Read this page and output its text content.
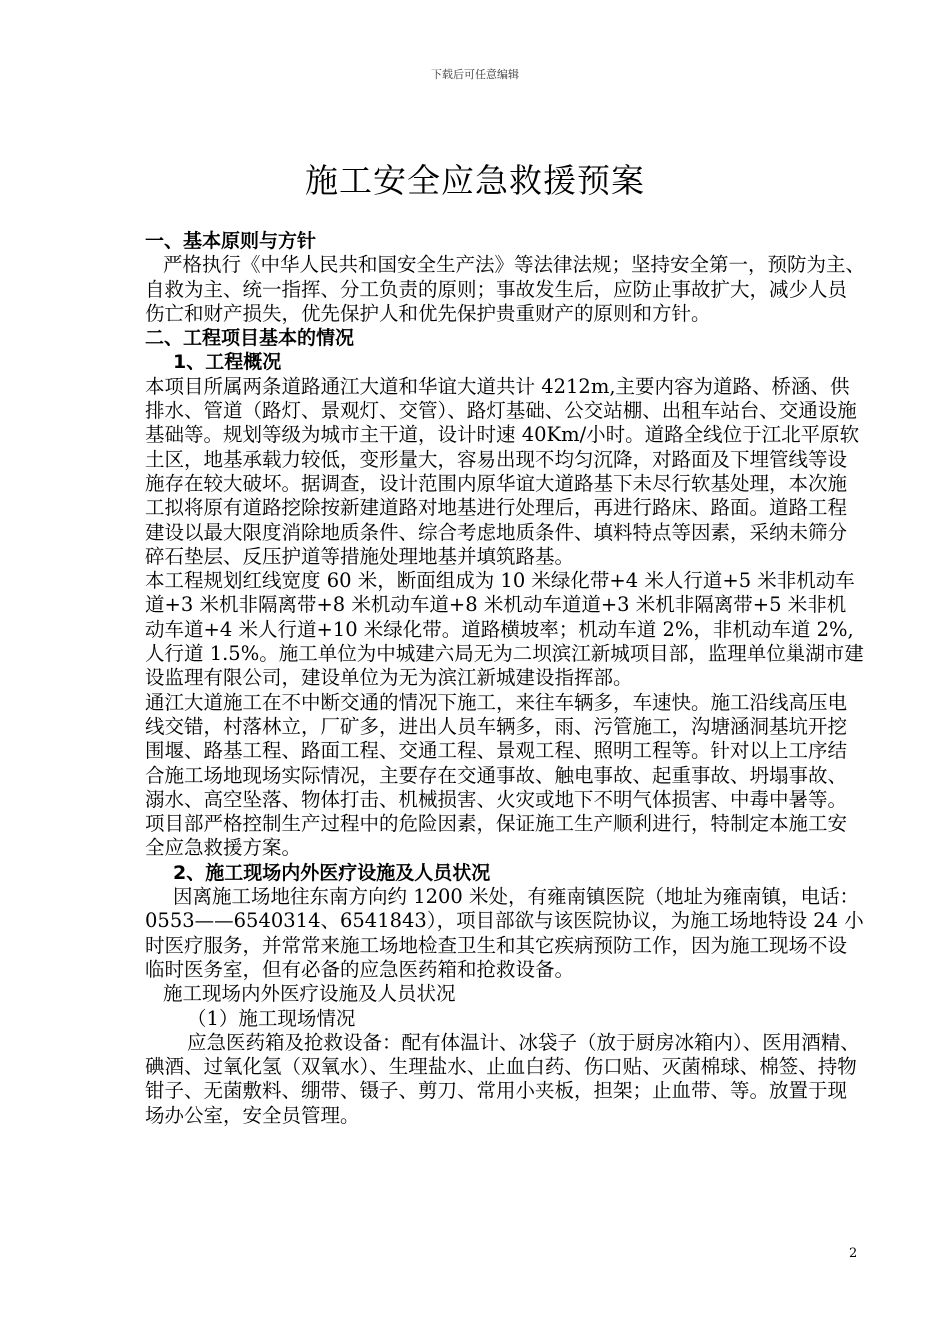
下载后可任意编辑
施工安全应急救援预案

一、基本原则与方针

严格执行《中华人民共和国安全生产法》等法律法规；坚持安全第一，预防为主、自救为主、统一指挥、分工负责的原则；事故发生后，应防止事故扩大，减少人员伤亡和财产损失，优先保护人和优先保护贵重财产的原则和方针。

二、工程项目基本的情况

1、工程概况

本项目所属两条道路通江大道和华谊大道共计 4212m,主要内容为道路、桥涵、供排水、管道（路灯、景观灯、交管）、路灯基础、公交站棚、出租车站台、交通设施基础等。规划等级为城市主干道，设计时速 40Km/小时。道路全线位于江北平原软土区，地基承载力较低，变形量大，容易出现不均匀沉降，对路面及下埋管线等设施存在较大破坏。据调查，设计范围内原华谊大道路基下未尽行软基处理，本次施工拟将原有道路挖除按新建道路对地基进行处理后，再进行路床、路面。道路工程建设以最大限度消除地质条件、综合考虑地质条件、填料特点等因素，采纳未筛分碎石垫层、反压护道等措施处理地基并填筑路基。

本工程规划红线宽度 60 米，断面组成为 10 米绿化带+4 米人行道+5 米非机动车道+3 米机非隔离带+8 米机动车道+8 米机动车道道+3 米机非隔离带+5 米非机动车道+4 米人行道+10 米绿化带。道路横坡率；机动车道 2%，非机动车道 2%,人行道 1.5%。施工单位为中城建六局无为二坝滨江新城项目部，监理单位巢湖市建设监理有限公司，建设单位为无为滨江新城建设指挥部。

通江大道施工在不中断交通的情况下施工，来往车辆多，车速快。施工沿线高压电线交错，村落林立，厂矿多，进出人员车辆多，雨、污管施工，沟塘涵洞基坑开挖围堰、路基工程、路面工程、交通工程、景观工程、照明工程等。针对以上工序结合施工场地现场实际情况，主要存在交通事故、触电事故、起重事故、坍塌事故、溺水、高空坠落、物体打击、机械损害、火灾或地下不明气体损害、中毒中暑等。项目部严格控制生产过程中的危险因素，保证施工生产顺利进行，特制定本施工安全应急救援方案。

2、施工现场内外医疗设施及人员状况

因离施工场地往东南方向约 1200 米处，有雍南镇医院（地址为雍南镇，电话：0553——6540314、6541843），项目部欲与该医院协议，为施工场地特设 24 小时医疗服务，并常常来施工场地检查卫生和其它疾病预防工作，因为施工现场不设临时医务室，但有必备的应急医药箱和抢救设备。

施工现场内外医疗设施及人员状况

（1）施工现场情况

应急医药箱及抢救设备：配有体温计、冰袋子（放于厨房冰箱内）、医用酒精、碘酒、过氧化氢（双氧水）、生理盐水、止血白药、伤口贴、灭菌棉球、棉签、持物钳子、无菌敷料、绷带、镊子、剪刀、常用小夹板，担架；止血带、等。放置于现场办公室，安全员管理。

2
